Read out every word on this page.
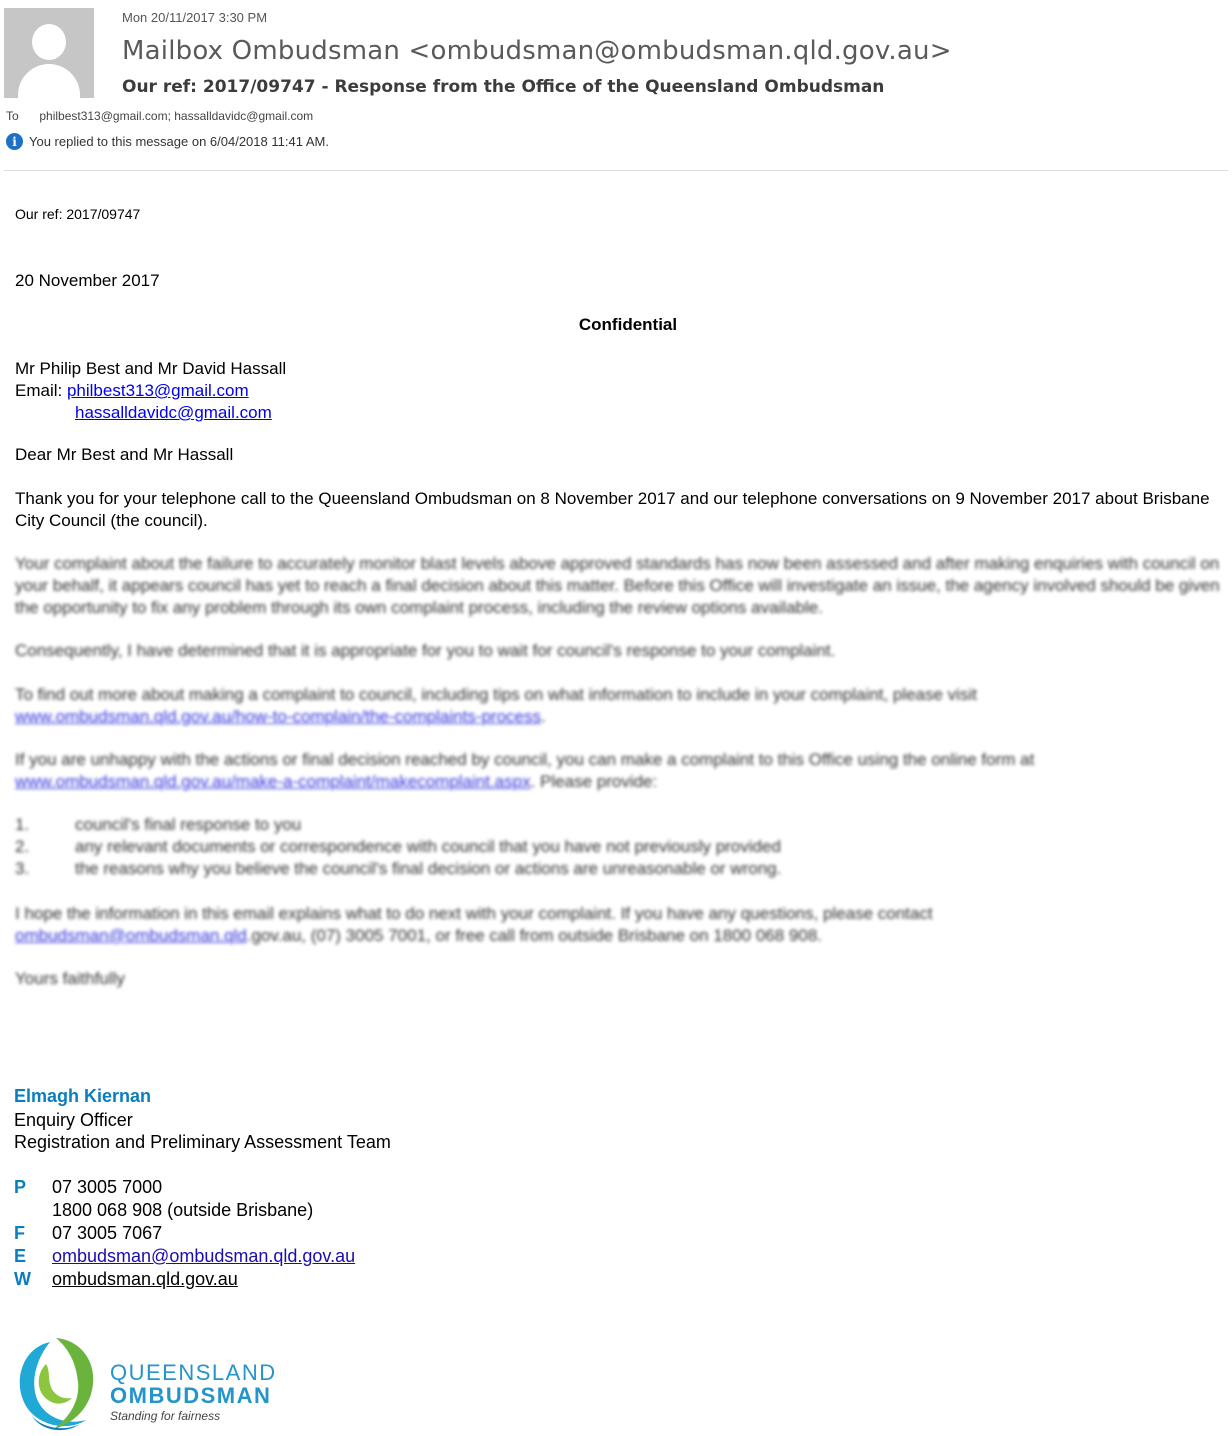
Mon 20/11/2017 3:30 PM
Mailbox Ombudsman <ombudsman@ombudsman.qld.gov.au>
Our ref: 2017/09747 - Response from the Office of the Queensland Ombudsman
To philbest313@gmail.com; hassalldavidc@gmail.com
i You replied to this message on 6/04/2018 11:41 AM.
Our ref: 2017/09747
20 November 2017
Confidential
Mr Philip Best and Mr David Hassall
Email: philbest313@gmail.com
hassalldavidc@gmail.com
Dear Mr Best and Mr Hassall
Thank you for your telephone call to the Queensland Ombudsman on 8 November 2017 and our telephone conversations on 9 November 2017 about Brisbane City Council (the council).
Your complaint about the failure to accurately monitor blast levels above approved standards has now been assessed and after making enquiries with council on your behalf, it appears council has yet to reach a final decision about this matter. Before this Office will investigate an issue, the agency involved should be given the opportunity to fix any problem through its own complaint process, including the review options available.
Consequently, I have determined that it is appropriate for you to wait for council's response to your complaint.
To find out more about making a complaint to council, including tips on what information to include in your complaint, please visit
www.ombudsman.qld.gov.au/how-to-complain/the-complaints-process.
If you are unhappy with the actions or final decision reached by council, you can make a complaint to this Office using the online form at
www.ombudsman.qld.gov.au/make-a-complaint/makecomplaint.aspx. Please provide:
1.	council's final response to you
2.	any relevant documents or correspondence with council that you have not previously provided
3.	the reasons why you believe the council's final decision or actions are unreasonable or wrong.
I hope the information in this email explains what to do next with your complaint. If you have any questions, please contact
ombudsman@ombudsman.qld.gov.au, (07) 3005 7001, or free call from outside Brisbane on 1800 068 908.
Yours faithfully
Elmagh Kiernan
Enquiry Officer
Registration and Preliminary Assessment Team
P	07 3005 7000
1800 068 908 (outside Brisbane)
F	07 3005 7067
E	ombudsman@ombudsman.qld.gov.au
W	ombudsman.qld.gov.au
QUEENSLAND
OMBUDSMAN
Standing for fairness
